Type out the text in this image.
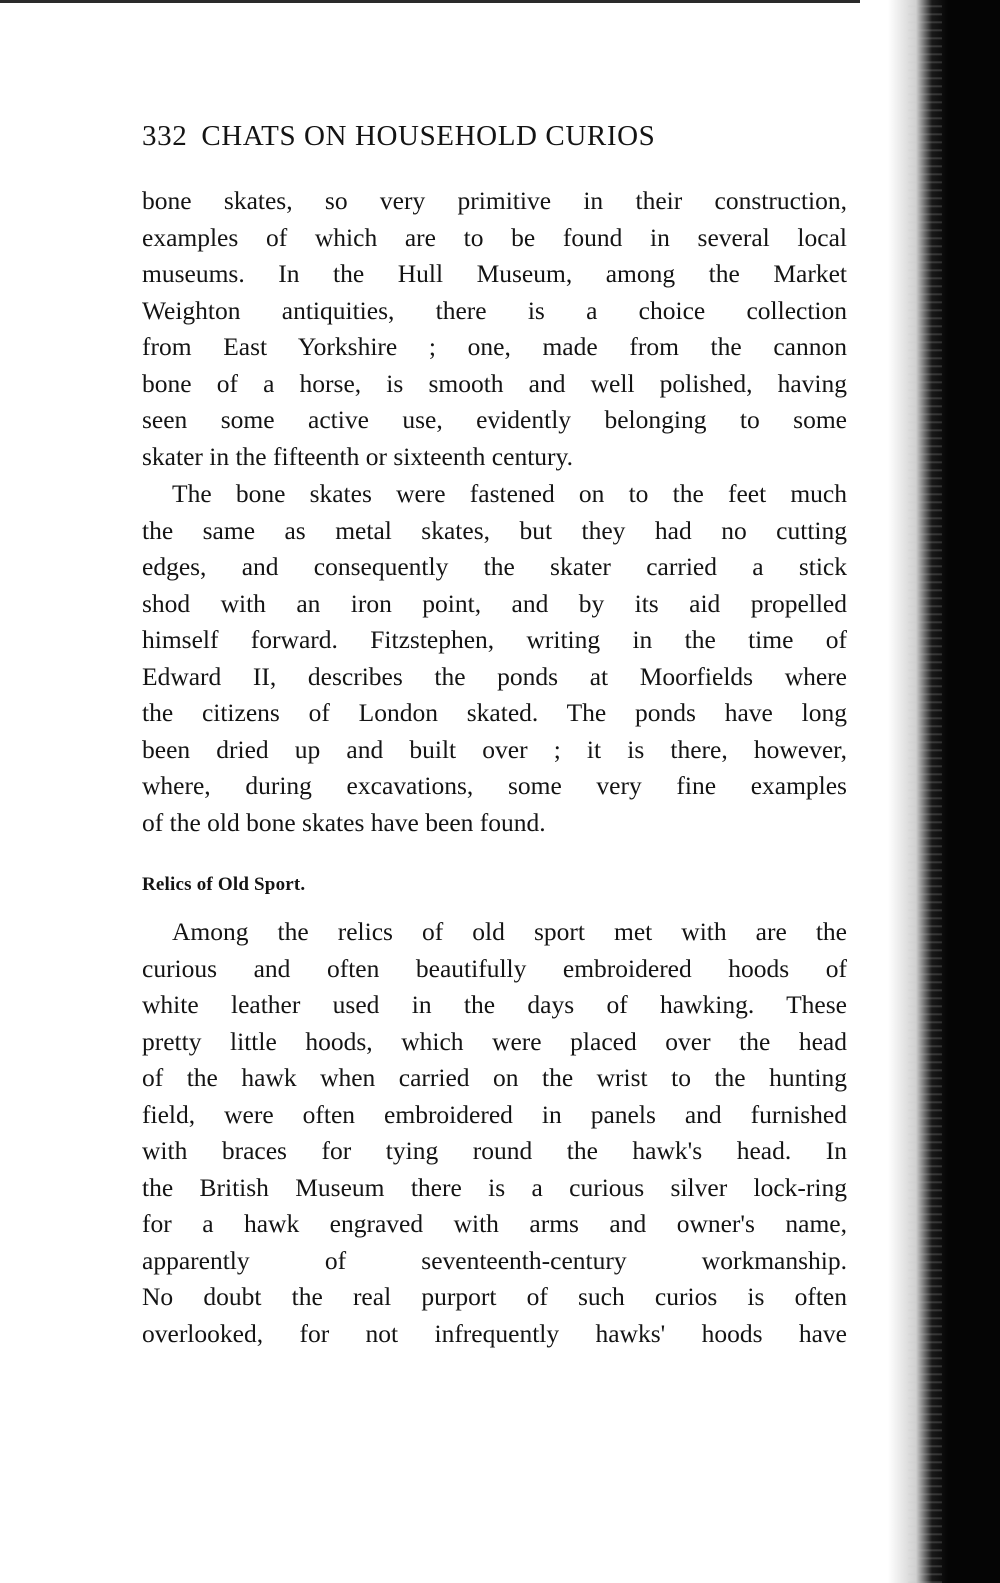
332 CHATS ON HOUSEHOLD CURIOS
bone skates, so very primitive in their construction,
examples of which are to be found in several local
museums. In the Hull Museum, among the Market
Weighton antiquities, there is a choice collection
from East Yorkshire ; one, made from the cannon
bone of a horse, is smooth and well polished, having
seen some active use, evidently belonging to some
skater in the fifteenth or sixteenth century.
The bone skates were fastened on to the feet much
the same as metal skates, but they had no cutting
edges, and consequently the skater carried a stick
shod with an iron point, and by its aid propelled
himself forward. Fitzstephen, writing in the time of
Edward II, describes the ponds at Moorfields where
the citizens of London skated. The ponds have long
been dried up and built over ; it is there, however,
where, during excavations, some very fine examples
of the old bone skates have been found.
Relics of Old Sport.
Among the relics of old sport met with are the
curious and often beautifully embroidered hoods of
white leather used in the days of hawking. These
pretty little hoods, which were placed over the head
of the hawk when carried on the wrist to the hunting
field, were often embroidered in panels and furnished
with braces for tying round the hawk's head. In
the British Museum there is a curious silver lock-ring
for a hawk engraved with arms and owner's name,
apparently of seventeenth-century workmanship.
No doubt the real purport of such curios is often
overlooked, for not infrequently hawks' hoods have
